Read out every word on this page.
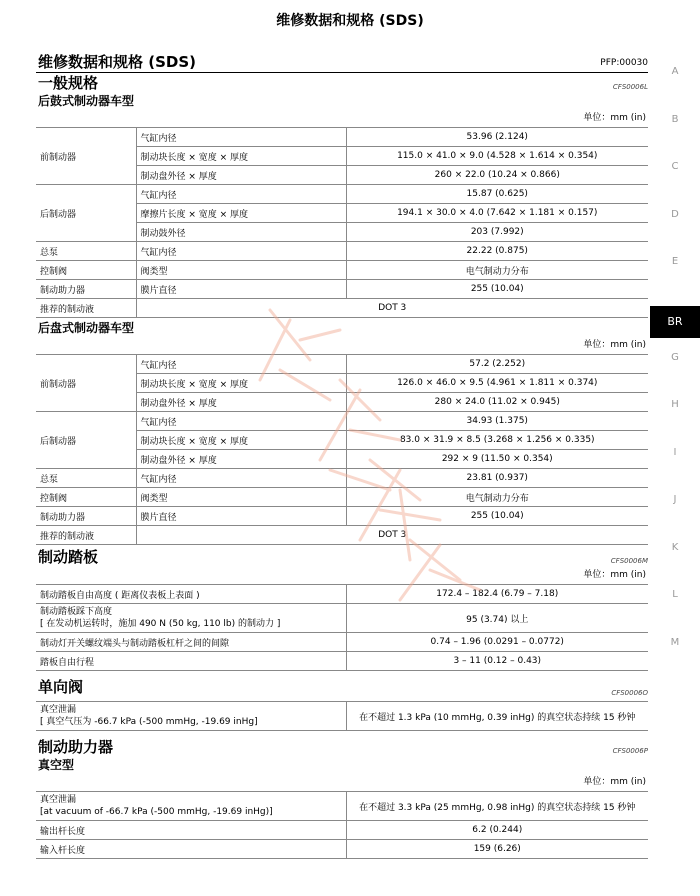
维修数据和规格 (SDS)
维修数据和规格 (SDS)	PFP:00030
一般规格	CFS0006L
后鼓式制动器车型
单位：mm (in)
前制动器	气缸内径	53.96 (2.124)
	制动块长度 × 宽度 × 厚度	115.0 × 41.0 × 9.0 (4.528 × 1.614 × 0.354)
	制动盘外径 × 厚度	260 × 22.0 (10.24 × 0.866)
后制动器	气缸内径	15.87 (0.625)
	摩擦片长度 × 宽度 × 厚度	194.1 × 30.0 × 4.0 (7.642 × 1.181 × 0.157)
	制动鼓外径	203 (7.992)
总泵	气缸内径	22.22 (0.875)
控制阀	阀类型	电气制动力分布
制动助力器	膜片直径	255 (10.04)
推荐的制动液	DOT 3	
后盘式制动器车型
单位：mm (in)
前制动器	气缸内径	57.2 (2.252)
	制动块长度 × 宽度 × 厚度	126.0 × 46.0 × 9.5 (4.961 × 1.811 × 0.374)
	制动盘外径 × 厚度	280 × 24.0 (11.02 × 0.945)
后制动器	气缸内径	34.93 (1.375)
	制动块长度 × 宽度 × 厚度	83.0 × 31.9 × 8.5 (3.268 × 1.256 × 0.335)
	制动盘外径 × 厚度	292 × 9 (11.50 × 0.354)
总泵	气缸内径	23.81 (0.937)
控制阀	阀类型	电气制动力分布
制动助力器	膜片直径	255 (10.04)
推荐的制动液	DOT 3	
制动踏板	CFS0006M
单位：mm (in)
制动踏板自由高度 ( 距离仪表板上表面 )	172.4 – 182.4 (6.79 – 7.18)

制动踏板踩下高度
[ 在发动机运转时，施加 490 N (50 kg, 110 lb) 的制动力 ]	95 (3.74) 以上
制动灯开关螺纹端头与制动踏板杠杆之间的间隙	0.74 – 1.96 (0.0291 – 0.0772)
踏板自由行程	3 – 11 (0.12 – 0.43)
单向阀	CFS0006O
真空泄漏
[ 真空气压为 -66.7 kPa (-500 mmHg, -19.69 inHg]	在不超过 1.3 kPa (10 mmHg, 0.39 inHg) 的真空状态持续 15 秒钟
制动助力器	CFS0006P
真空型
单位：mm (in)
真空泄漏
[at vacuum of -66.7 kPa (-500 mmHg, -19.69 inHg)]	在不超过 3.3 kPa (25 mmHg, 0.98 inHg) 的真空状态持续 15 秒钟
输出杆长度	6.2 (0.244)
输入杆长度	159 (6.26)
A
B
C
D
E
BR
G
H
I
J
K
L
M
